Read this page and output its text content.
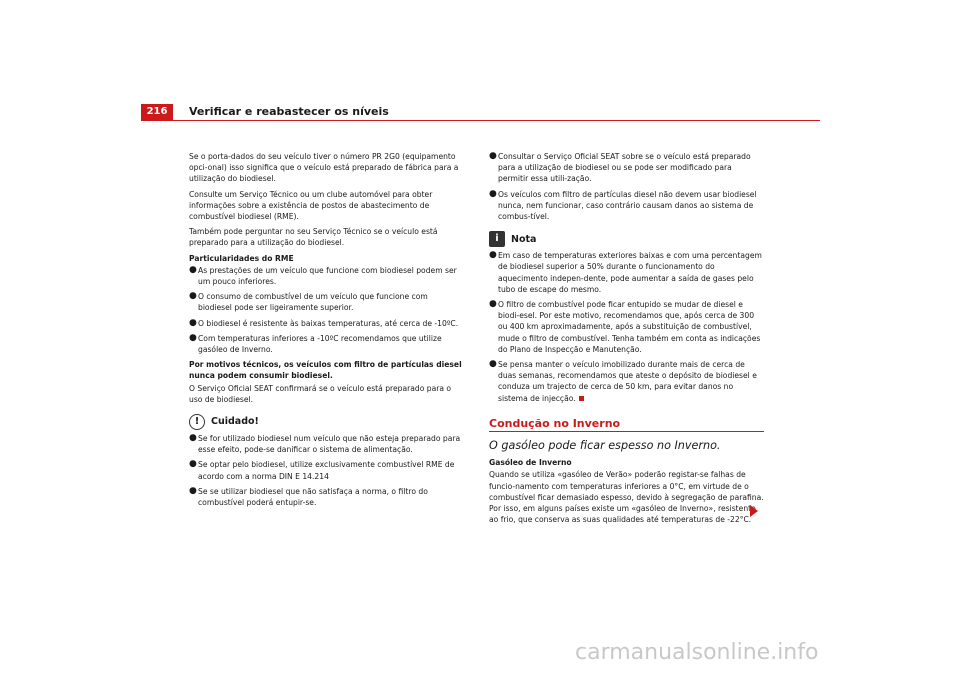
216	Verificar e reabastecer os níveis

Se o porta-dados do seu veículo tiver o número PR 2G0 (equipamento opci-onal) isso significa que o veículo está preparado de fábrica para a utilização do biodiesel.

Consulte um Serviço Técnico ou um clube automóvel para obter informações sobre a existência de postos de abastecimento de combustível biodiesel (RME).

Também pode perguntar no seu Serviço Técnico se o veículo está preparado para a utilização do biodiesel.

Particularidades do RME
● As prestações de um veículo que funcione com biodiesel podem ser um pouco inferiores.
● O consumo de combustível de um veículo que funcione com biodiesel pode ser ligeiramente superior.
● O biodiesel é resistente às baixas temperaturas, até cerca de -10ºC.
● Com temperaturas inferiores a -10ºC recomendamos que utilize gasóleo de Inverno.
Por motivos técnicos, os veículos com filtro de partículas diesel nunca podem consumir biodiesel.

O Serviço Oficial SEAT confirmará se o veículo está preparado para o uso de biodiesel.

!	Cuidado!
● Se for utilizado biodiesel num veículo que não esteja preparado para esse efeito, pode-se danificar o sistema de alimentação.
● Se optar pelo biodiesel, utilize exclusivamente combustível RME de acordo com a norma DIN E 14.214
● Se se utilizar biodiesel que não satisfaça a norma, o filtro do combustível poderá entupir-se.
● Consultar o Serviço Oficial SEAT sobre se o veículo está preparado para a utilização de biodiesel ou se pode ser modificado para permitir essa utili-zação.
● Os veículos com filtro de partículas diesel não devem usar biodiesel nunca, nem funcionar, caso contrário causam danos ao sistema de combus-tível.
i	Nota
● Em caso de temperaturas exteriores baixas e com uma percentagem de biodiesel superior a 50% durante o funcionamento do aquecimento indepen-dente, pode aumentar a saída de gases pelo tubo de escape do mesmo.
● O filtro de combustível pode ficar entupido se mudar de diesel e biodi-esel. Por este motivo, recomendamos que, após cerca de 300 ou 400 km aproximadamente, após a substituição de combustível, mude o filtro de combustível. Tenha também em conta as indicações do Plano de Inspecção e Manutenção.
● Se pensa manter o veículo imobilizado durante mais de cerca de duas semanas, recomendamos que ateste o depósito de biodiesel e conduza um trajecto de cerca de 50 km, para evitar danos no sistema de injecção.
Condução no Inverno
O gasóleo pode ficar espesso no Inverno.
Gasóleo de Inverno

Quando se utiliza «gasóleo de Verão» poderão registar-se falhas de funcio-namento com temperaturas inferiores a 0°C, em virtude de o combustível ficar demasiado espesso, devido à segregação de parafina. Por isso, em alguns países existe um «gasóleo de Inverno», resistente ao frio, que conserva as suas qualidades até temperaturas de -22°C.

carmanualsonline.info
